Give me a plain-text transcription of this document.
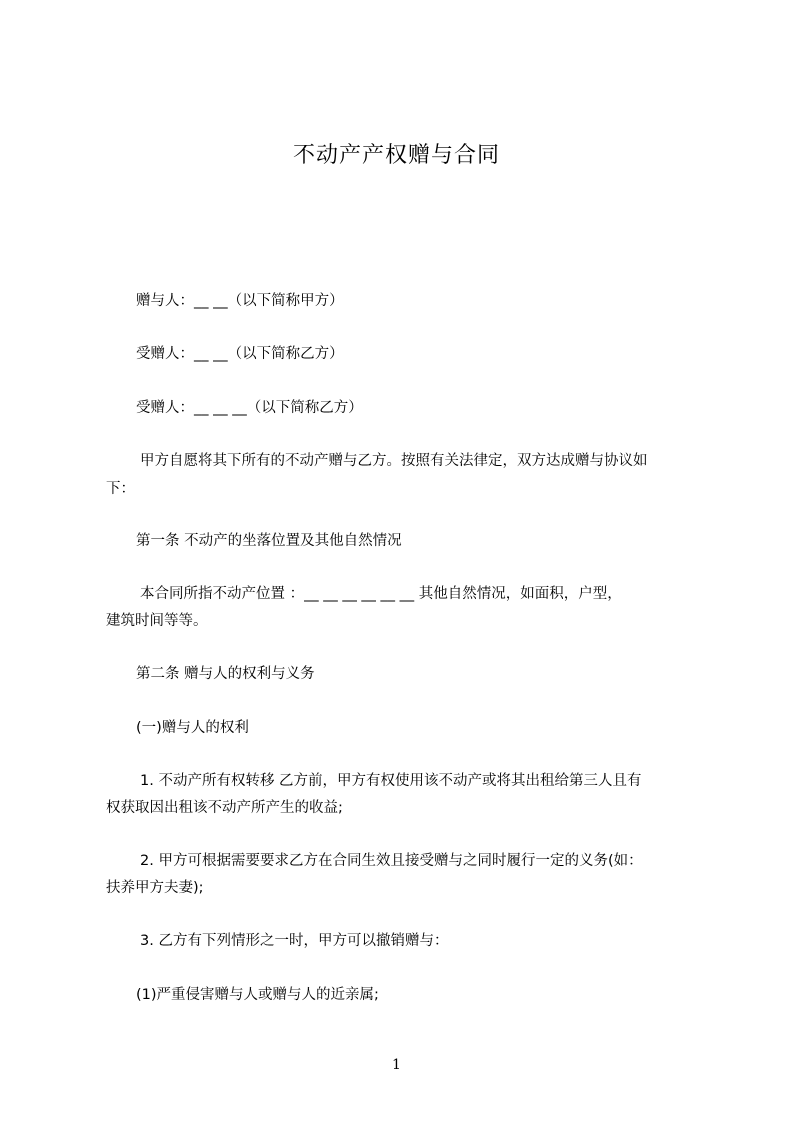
不动产产权赠与合同
赠与人：__ __（以下简称甲方）
受赠人：__ __（以下简称乙方）
受赠人：__ __ __（以下简称乙方）
甲方自愿将其下所有的不动产赠与乙方。按照有关法律定，双方达成赠与协议如
下：
第一条 不动产的坐落位置及其他自然情况
本合同所指不动产位置 ：__ __ __ __ __ __ 其他自然情况，如面积，户型，
建筑时间等等。
第二条 赠与人的权利与义务
(一)赠与人的权利
1. 不动产所有权转移 乙方前，甲方有权使用该不动产或将其出租给第三人且有
权获取因出租该不动产所产生的收益;
2. 甲方可根据需要要求乙方在合同生效且接受赠与之同时履行一定的义务(如：
扶养甲方夫妻);
3. 乙方有下列情形之一时，甲方可以撤销赠与：
(1)严重侵害赠与人或赠与人的近亲属;
1
